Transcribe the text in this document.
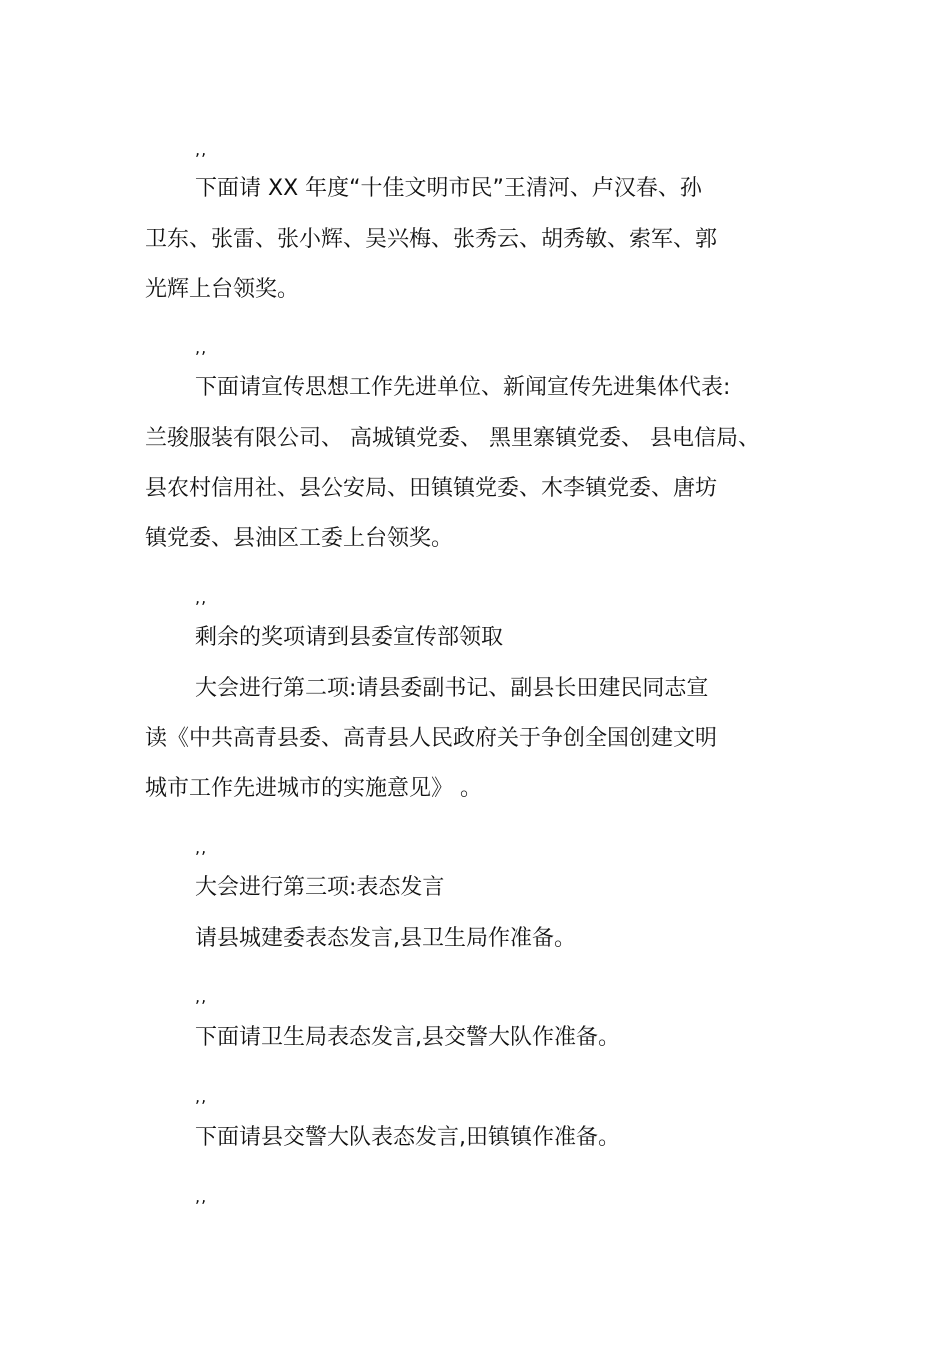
,,
下面请 XX 年度“十佳文明市民”王清河、卢汉春、孙
卫东、张雷、张小辉、吴兴梅、张秀云、胡秀敏、索军、郭
光辉上台领奖。
,,
下面请宣传思想工作先进单位、新闻宣传先进集体代表:
兰骏服装有限公司、 高城镇党委、 黑里寨镇党委、 县电信局、
县农村信用社、县公安局、田镇镇党委、木李镇党委、唐坊
镇党委、县油区工委上台领奖。
,,
剩余的奖项请到县委宣传部领取
大会进行第二项:请县委副书记、副县长田建民同志宣
读《中共高青县委、高青县人民政府关于争创全国创建文明
城市工作先进城市的实施意见》 。
,,
大会进行第三项:表态发言
请县城建委表态发言,县卫生局作准备。
,,
下面请卫生局表态发言,县交警大队作准备。
,,
下面请县交警大队表态发言,田镇镇作准备。
,,
